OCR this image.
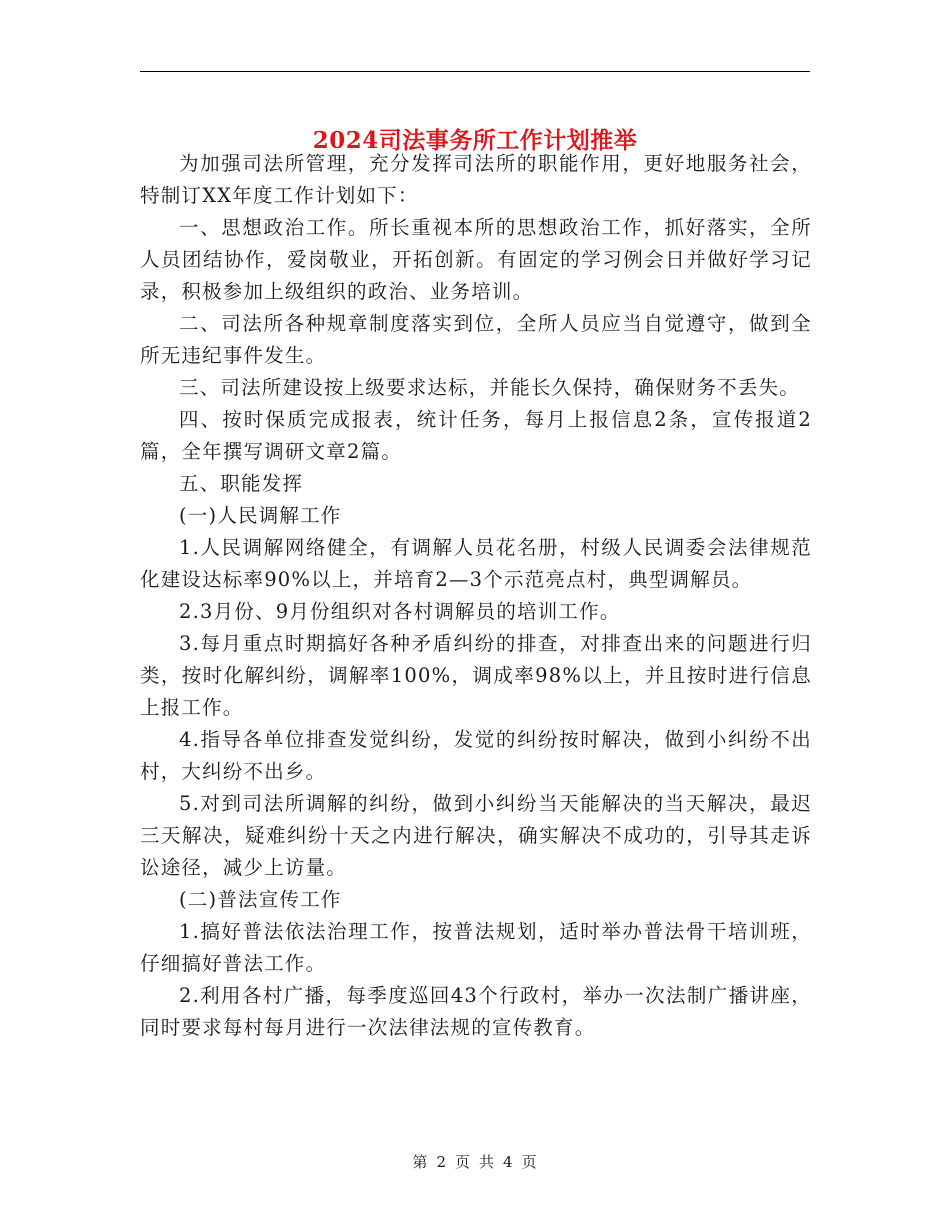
2024司法事务所工作计划推举

为加强司法所管理，充分发挥司法所的职能作用，更好地服务社会，特制订XX年度工作计划如下：

一、思想政治工作。所长重视本所的思想政治工作，抓好落实，全所人员团结协作，爱岗敬业，开拓创新。有固定的学习例会日并做好学习记录，积极参加上级组织的政治、业务培训。

二、司法所各种规章制度落实到位，全所人员应当自觉遵守，做到全所无违纪事件发生。

三、司法所建设按上级要求达标，并能长久保持，确保财务不丢失。

四、按时保质完成报表，统计任务，每月上报信息2条，宣传报道2篇，全年撰写调研文章2篇。

五、职能发挥

(一)人民调解工作

1.人民调解网络健全，有调解人员花名册，村级人民调委会法律规范化建设达标率90%以上，并培育2—3个示范亮点村，典型调解员。

2.3月份、9月份组织对各村调解员的培训工作。

3.每月重点时期搞好各种矛盾纠纷的排查，对排查出来的问题进行归类，按时化解纠纷，调解率100%，调成率98%以上，并且按时进行信息上报工作。

4.指导各单位排查发觉纠纷，发觉的纠纷按时解决，做到小纠纷不出村，大纠纷不出乡。

5.对到司法所调解的纠纷，做到小纠纷当天能解决的当天解决，最迟三天解决，疑难纠纷十天之内进行解决，确实解决不成功的，引导其走诉讼途径，减少上访量。

(二)普法宣传工作

1.搞好普法依法治理工作，按普法规划，适时举办普法骨干培训班，仔细搞好普法工作。

2.利用各村广播，每季度巡回43个行政村，举办一次法制广播讲座，同时要求每村每月进行一次法律法规的宣传教育。

第 2 页 共 4 页
